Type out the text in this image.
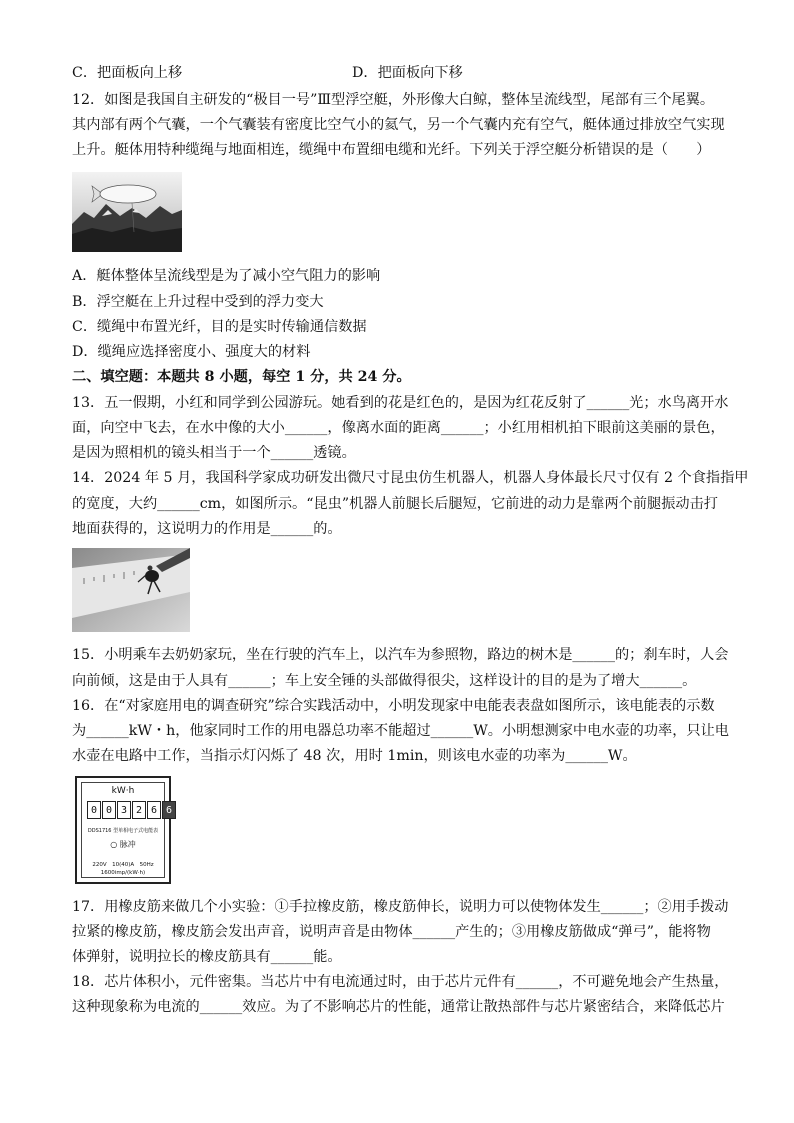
C．把面板向上移	D．把面板向下移
12．如图是我国自主研发的“极目一号”Ⅲ型浮空艇，外形像大白鲸，整体呈流线型，尾部有三个尾翼。
其内部有两个气囊，一个气囊装有密度比空气小的氦气，另一个气囊内充有空气，艇体通过排放空气实现
上升。艇体用特种缆绳与地面相连，缆绳中布置细电缆和光纤。下列关于浮空艇分析错误的是（　　）
A．艇体整体呈流线型是为了减小空气阻力的影响
B．浮空艇在上升过程中受到的浮力变大
C．缆绳中布置光纤，目的是实时传输通信数据
D．缆绳应选择密度小、强度大的材料
二、填空题：本题共 8 小题，每空 1 分，共 24 分。
13．五一假期，小红和同学到公园游玩。她看到的花是红色的，是因为红花反射了______光；水鸟离开水
面，向空中飞去，在水中像的大小______，像离水面的距离______；小红用相机拍下眼前这美丽的景色，
是因为照相机的镜头相当于一个______透镜。
14．2024 年 5 月，我国科学家成功研发出微尺寸昆虫仿生机器人，机器人身体最长尺寸仅有 2 个食指指甲
的宽度，大约______cm，如图所示。“昆虫”机器人前腿长后腿短，它前进的动力是靠两个前腿振动击打
地面获得的，这说明力的作用是______的。
15．小明乘车去奶奶家玩，坐在行驶的汽车上，以汽车为参照物，路边的树木是______的；刹车时，人会
向前倾，这是由于人具有______；车上安全锤的头部做得很尖，这样设计的目的是为了增大______。
16．在“对家庭用电的调查研究”综合实践活动中，小明发现家中电能表表盘如图所示，该电能表的示数
为______kW・h，他家同时工作的用电器总功率不能超过______W。小明想测家中电水壶的功率，只让电
水壶在电路中工作，当指示灯闪烁了 48 次，用时 1min，则该电水壶的功率为______W。
kW·h
0 0 3 2 6 6
DDS1716 型单相电子式电能表
○ 脉冲
220V　10(40)A　50Hz
1600imp/(kW·h)
17．用橡皮筋来做几个小实验：①手拉橡皮筋，橡皮筋伸长，说明力可以使物体发生______；②用手拨动
拉紧的橡皮筋，橡皮筋会发出声音，说明声音是由物体______产生的；③用橡皮筋做成“弹弓”，能将物
体弹射，说明拉长的橡皮筋具有______能。
18．芯片体积小，元件密集。当芯片中有电流通过时，由于芯片元件有______，不可避免地会产生热量，
这种现象称为电流的______效应。为了不影响芯片的性能，通常让散热部件与芯片紧密结合，来降低芯片
